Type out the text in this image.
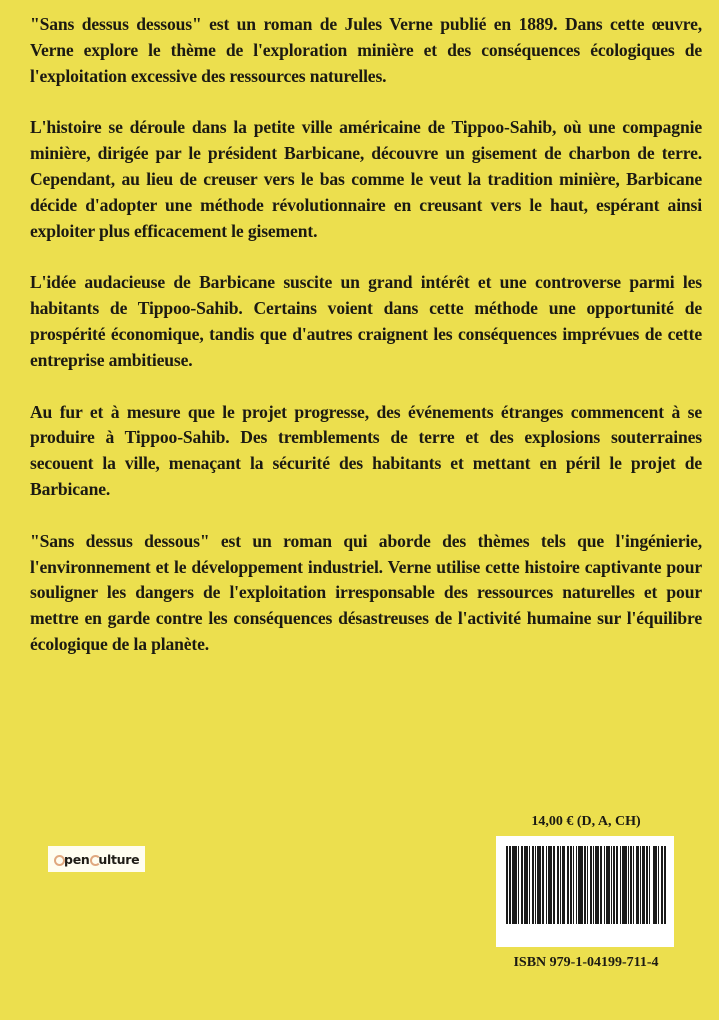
"Sans dessus dessous" est un roman de Jules Verne publié en 1889. Dans cette œuvre, Verne explore le thème de l'exploration minière et des conséquences écologiques de l'exploitation excessive des ressources naturelles.

L'histoire se déroule dans la petite ville américaine de Tippoo-Sahib, où une compagnie minière, dirigée par le président Barbicane, découvre un gisement de charbon de terre. Cependant, au lieu de creuser vers le bas comme le veut la tradition minière, Barbicane décide d'adopter une méthode révolutionnaire en creusant vers le haut, espérant ainsi exploiter plus efficacement le gisement.

L'idée audacieuse de Barbicane suscite un grand intérêt et une controverse parmi les habitants de Tippoo-Sahib. Certains voient dans cette méthode une opportunité de prospérité économique, tandis que d'autres craignent les conséquences imprévues de cette entreprise ambitieuse.

Au fur et à mesure que le projet progresse, des événements étranges commencent à se produire à Tippoo-Sahib. Des tremblements de terre et des explosions souterraines secouent la ville, menaçant la sécurité des habitants et mettant en péril le projet de Barbicane.

"Sans dessus dessous" est un roman qui aborde des thèmes tels que l'ingénierie, l'environnement et le développement industriel. Verne utilise cette histoire captivante pour souligner les dangers de l'exploitation irresponsable des ressources naturelles et pour mettre en garde contre les conséquences désastreuses de l'activité humaine sur l'équilibre écologique de la planète.

pen ulture
14,00 € (D, A, CH)
ISBN 979-1-04199-711-4
